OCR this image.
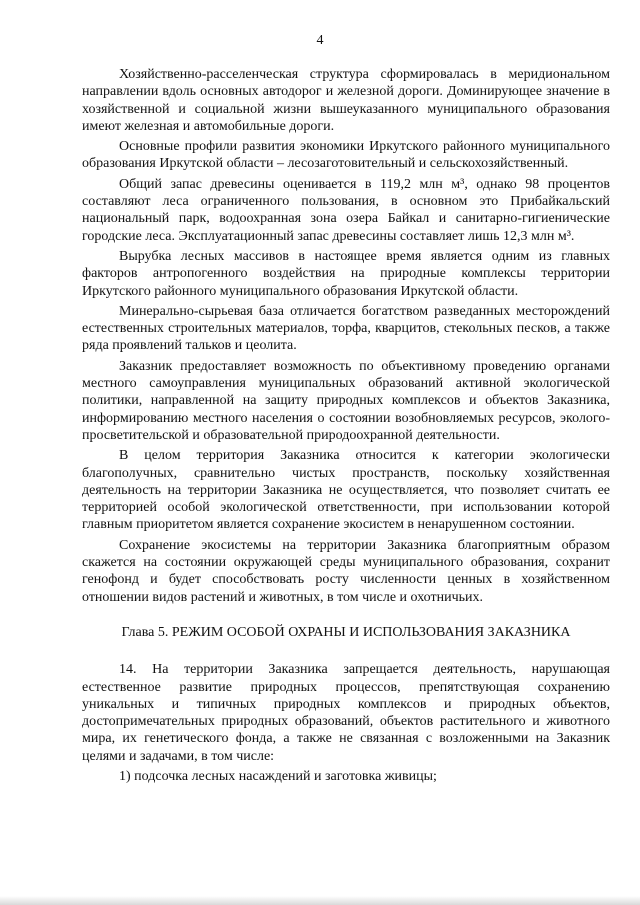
4

Хозяйственно-расселенческая структура сформировалась в меридиональном направлении вдоль основных автодорог и железной дороги. Доминирующее значение в хозяйственной и социальной жизни вышеуказанного муниципального образования имеют железная и автомобильные дороги.

Основные профили развития экономики Иркутского районного муниципального образования Иркутской области – лесозаготовительный и сельскохозяйственный.

Общий запас древесины оценивается в 119,2 млн м³, однако 98 процентов составляют леса ограниченного пользования, в основном это Прибайкальский национальный парк, водоохранная зона озера Байкал и санитарно-гигиенические городские леса. Эксплуатационный запас древесины составляет лишь 12,3 млн м³.

Вырубка лесных массивов в настоящее время является одним из главных факторов антропогенного воздействия на природные комплексы территории Иркутского районного муниципального образования Иркутской области.

Минерально-сырьевая база отличается богатством разведанных месторождений естественных строительных материалов, торфа, кварцитов, стекольных песков, а также ряда проявлений тальков и цеолита.

Заказник предоставляет возможность по объективному проведению органами местного самоуправления муниципальных образований активной экологической политики, направленной на защиту природных комплексов и объектов Заказника, информированию местного населения о состоянии возобновляемых ресурсов, эколого-просветительской и образовательной природоохранной деятельности.

В целом территория Заказника относится к категории экологически благополучных, сравнительно чистых пространств, поскольку хозяйственная деятельность на территории Заказника не осуществляется, что позволяет считать ее территорией особой экологической ответственности, при использовании которой главным приоритетом является сохранение экосистем в ненарушенном состоянии.

Сохранение экосистемы на территории Заказника благоприятным образом скажется на состоянии окружающей среды муниципального образования, сохранит генофонд и будет способствовать росту численности ценных в хозяйственном отношении видов растений и животных, в том числе и охотничьих.

Глава 5. РЕЖИМ ОСОБОЙ ОХРАНЫ И ИСПОЛЬЗОВАНИЯ ЗАКАЗНИКА

14. На территории Заказника запрещается деятельность, нарушающая естественное развитие природных процессов, препятствующая сохранению уникальных и типичных природных комплексов и природных объектов, достопримечательных природных образований, объектов растительного и животного мира, их генетического фонда, а также не связанная с возложенными на Заказник целями и задачами, в том числе:

1) подсочка лесных насаждений и заготовка живицы;
